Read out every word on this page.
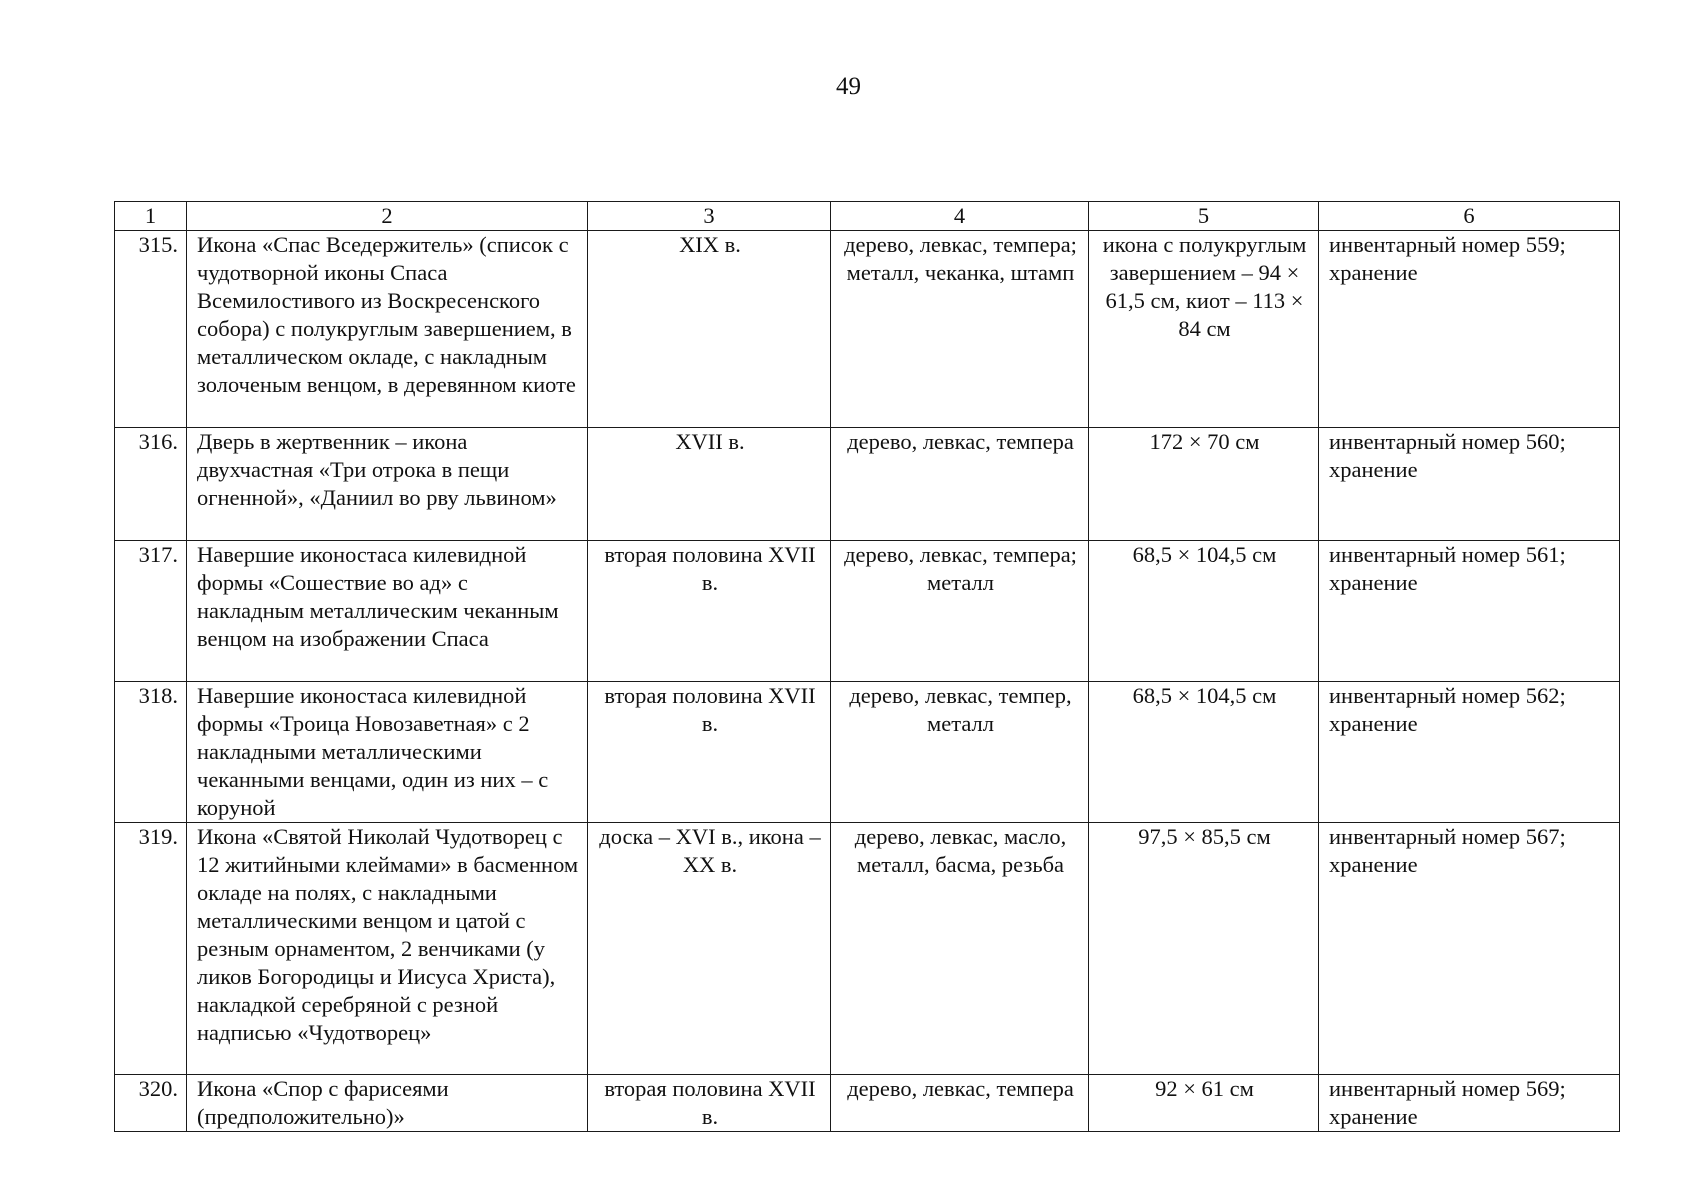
49
1	2	3	4	5	6
315.	Икона «Спас Вседержитель» (список с чудотворной иконы Спаса Всемилостивого из Воскресенского собора) с полукруглым завершением, в металлическом окладе, с накладным золоченым венцом, в деревянном киоте	XIX в.	дерево, левкас, темпера; металл, чеканка, штамп	икона с полукруглым завершением – 94 × 61,5 см, киот – 113 × 84 см	инвентарный номер 559; хранение
316.	Дверь в жертвенник – икона двухчастная «Три отрока в пещи огненной», «Даниил во рву львином»	XVII в.	дерево, левкас, темпера	172 × 70 см	инвентарный номер 560; хранение
317.	Навершие иконостаса килевидной формы «Сошествие во ад» с накладным металлическим чеканным венцом на изображении Спаса	вторая половина XVII в.	дерево, левкас, темпера; металл	68,5 × 104,5 см	инвентарный номер 561; хранение
318.	Навершие иконостаса килевидной формы «Троица Новозаветная» с 2 накладными металлическими чеканными венцами, один из них – с коруной	вторая половина XVII в.	дерево, левкас, темпер, металл	68,5 × 104,5 см	инвентарный номер 562; хранение
319.	Икона «Святой Николай Чудотворец с 12 житийными клеймами» в басменном окладе на полях, с накладными металлическими венцом и цатой с резным орнаментом, 2 венчиками (у ликов Богородицы и Иисуса Христа), накладкой серебряной с резной надписью «Чудотворец»	доска – XVI в., икона – XX в.	дерево, левкас, масло, металл, басма, резьба	97,5 × 85,5 см	инвентарный номер 567; хранение
320.	Икона «Спор с фарисеями (предположительно)»	вторая половина XVII в.	дерево, левкас, темпера	92 × 61 см	инвентарный номер 569; хранение
